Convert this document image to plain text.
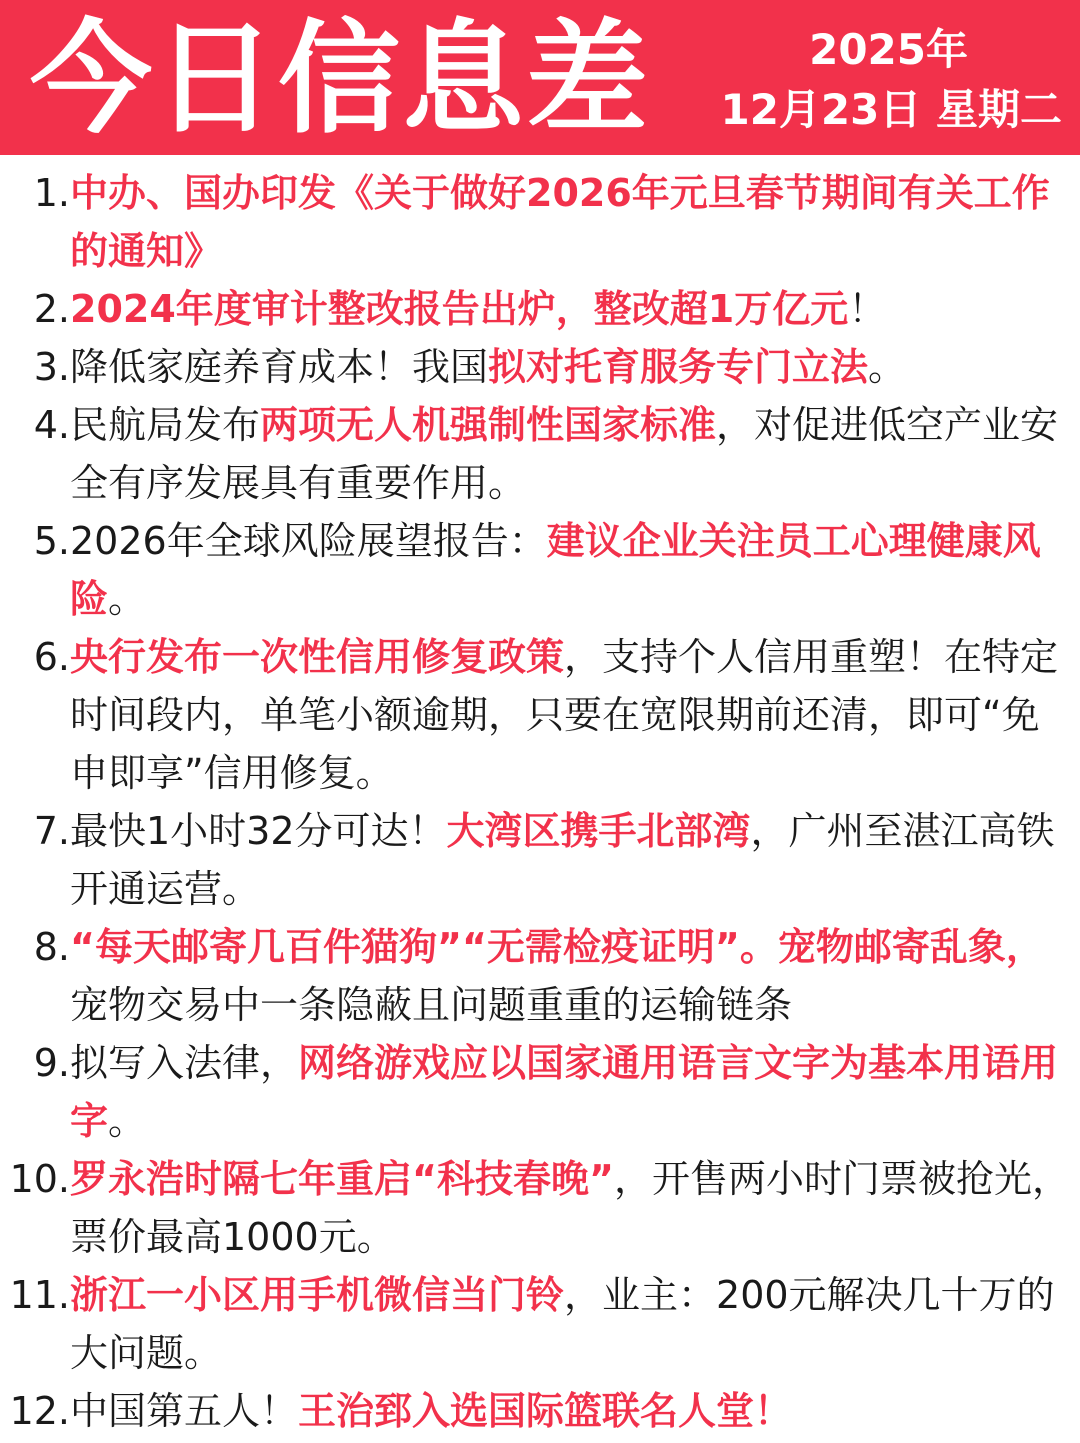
今日信息差	2025年
12月23日 星期二
1. 中办、国办印发《关于做好2026年元旦春节期间有关工作的通知》
2. 2024年度审计整改报告出炉，整改超1万亿元！
3. 降低家庭养育成本！我国拟对托育服务专门立法。
4. 民航局发布两项无人机强制性国家标准，对促进低空产业安全有序发展具有重要作用。
5. 2026年全球风险展望报告：建议企业关注员工心理健康风险。
6. 央行发布一次性信用修复政策，支持个人信用重塑！在特定时间段内，单笔小额逾期，只要在宽限期前还清，即可“免申即享”信用修复。
7. 最快1小时32分可达！大湾区携手北部湾，广州至湛江高铁开通运营。
8. “每天邮寄几百件猫狗”“无需检疫证明”。宠物邮寄乱象，宠物交易中一条隐蔽且问题重重的运输链条
9. 拟写入法律，网络游戏应以国家通用语言文字为基本用语用字。
10. 罗永浩时隔七年重启“科技春晚”，开售两小时门票被抢光，票价最高1000元。
11. 浙江一小区用手机微信当门铃，业主：200元解决几十万的大问题。
12. 中国第五人！王治郅入选国际篮联名人堂！
